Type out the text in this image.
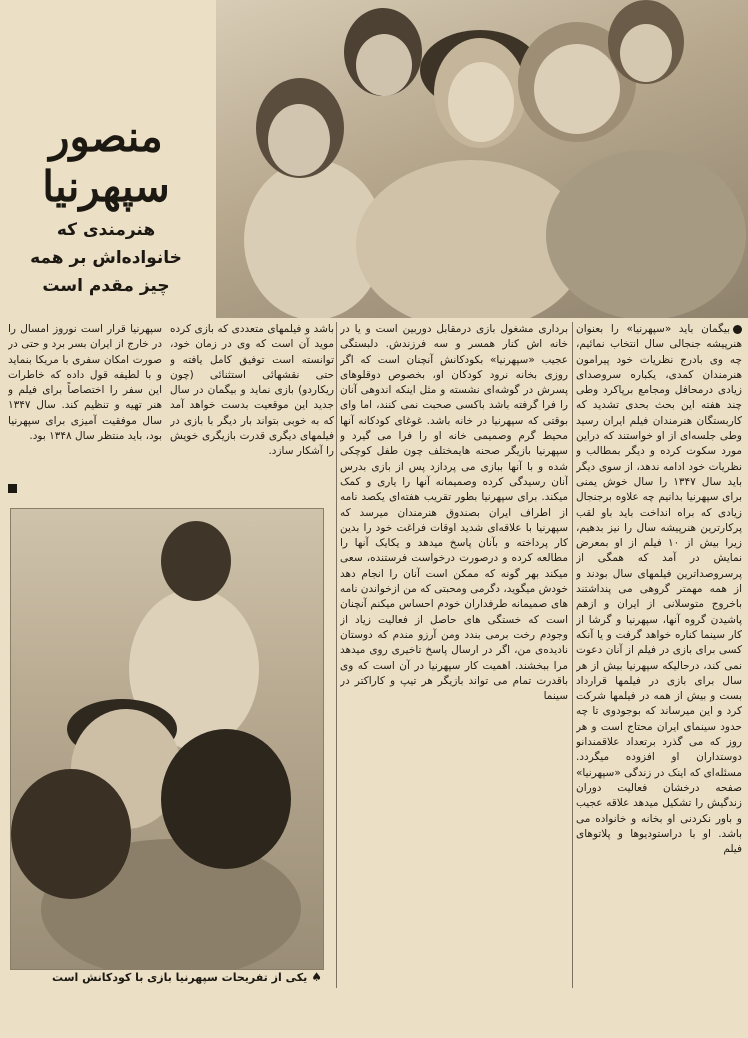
منصور
سپهرنیا
هنرمندی که
خانواده‌اش بر همه
چیز مقدم است
بیگمان باید «سپهرنیا» را بعنوان هنرپیشه جنجالی سال انتخاب نمائیم، چه وی بادرج نظریات خود پیرامون هنرمندان کمدی، یکباره سروصدای زیادی درمحافل ومجامع برپاکرد وطی چند هفته این بحث بحدی تشدید که کاربستگان هنرمندان فیلم ایران رسید وطی جلسه‌ای از او خواستند که دراین مورد سکوت کرده و دیگر بمطالب و نظریات خود ادامه ندهد، از سوی دیگر باید سال ۱۳۴۷ را سال خوش یمنی برای سپهرنیا بدانیم چه علاوه برجنجال زیادی که براه انداخت باید باو لقب پرکارترین هنرپیشه سال را نیز بدهیم، زیرا بیش از ۱۰ فیلم از او بمعرض نمایش در آمد که همگی از پرسروصداترین فیلمهای سال بودند و از همه مهمتر گروهی می پنداشتند باخروج متوسلانی از ایران و ازهم پاشیدن گروه آنها، سپهرنیا و گرشا از کار سینما کناره خواهد گرفت و یا آنکه کسی برای بازی در فیلم از آنان دعوت نمی کند، درحالیکه سپهرنیا بیش از هر سال برای بازی در فیلمها قرارداد بست و بیش از همه در فیلمها شرکت کرد و این میرساند که بوجودوی تا چه حدود سینمای ایران محتاج است و هر روز که می گذرد برتعداد علاقمندانو دوستداران او افزوده میگردد. مسئله‌ای که اینک در زندگی «سپهرنیا» صفحه درخشان فعالیت دوران زندگیش را تشکیل میدهد علاقه عجیب و باور نکردنی او بخانه و خانواده می باشد. او با دراستودیوها و پلاتوهای فیلم
برداری مشغول بازی درمقابل دوربین است و یا در خانه اش کنار همسر و سه فرزندش. دلبستگی عجیب «سپهرنیا» بکودکانش آنچنان است که اگر روزی بخانه نرود کودکان او، بخصوص دوقلوهای پسرش در گوشه‌ای نشسته و مثل اینکه اندوهی آنان را فرا گرفته باشد باکسی صحبت نمی کنند، اما وای بوقتی که سپهرنیا در خانه باشد. غوغای کودکانه آنها محیط گرم وصمیمی خانه او را فرا می گیرد و سپهرنیا بازیگر صحنه هایمختلف چون طفل کوچکی شده و با آنها ببازی می پردازد پس از بازی بدرس آنان رسیدگی کرده وصمیمانه آنها را یاری و کمک میکند. برای سپهرنیا بطور تقریب هفته‌ای یکصد نامه از اطراف ایران بصندوق هنرمندان میرسد که سپهرنیا با علاقه‌ای شدید اوقات فراغت خود را بدین کار پرداخته و بآنان پاسخ میدهد و یکایک آنها را مطالعه کرده و درصورت درخواست فرستنده، سعی میکند بهر گونه که ممکن است آنان را انجام دهد خودش میگوید، دگرمی ومحبتی که من ازخواندن نامه های صمیمانه طرفداران خودم احساس میکنم آنچنان است که خستگی های حاصل از فعالیت زیاد از وجودم رخت برمی بندد ومن آرزو مندم که دوستان نادیده‌ی من، اگر در ارسال پاسخ تاخیری روی میدهد مرا ببخشند. اهمیت کار سپهرنیا در آن است که وی باقدرت تمام می تواند بازیگر هر تیپ و کاراکتر در سینما
باشد و فیلمهای متعددی که بازی کرده موید آن است که وی در زمان خود، توانسته است توفیق کامل یافته و حتی نقشهائی استثنائی (چون ریکاردو) بازی نماید و بیگمان در سال جدید این موقعیت بدست خواهد آمد که به خوبی بتواند بار دیگر با بازی در فیلمهای دیگری قدرت بازیگری خویش را آشکار سازد.
سپهرنیا قرار است نوروز امسال را در خارج از ایران بسر برد و حتی در صورت امکان سفری با مریکا بنماید و با لطیفه قول داده که خاطرات این سفر را اختصاصاً برای فیلم و هنر تهیه و تنظیم کند. سال ۱۳۴۷ سال موفقیت آمیزی برای سپهرنیا بود، باید منتظر سال ۱۳۴۸ بود.
♠یکی از تفریحات سپهرنیا بازی با کودکانش است
